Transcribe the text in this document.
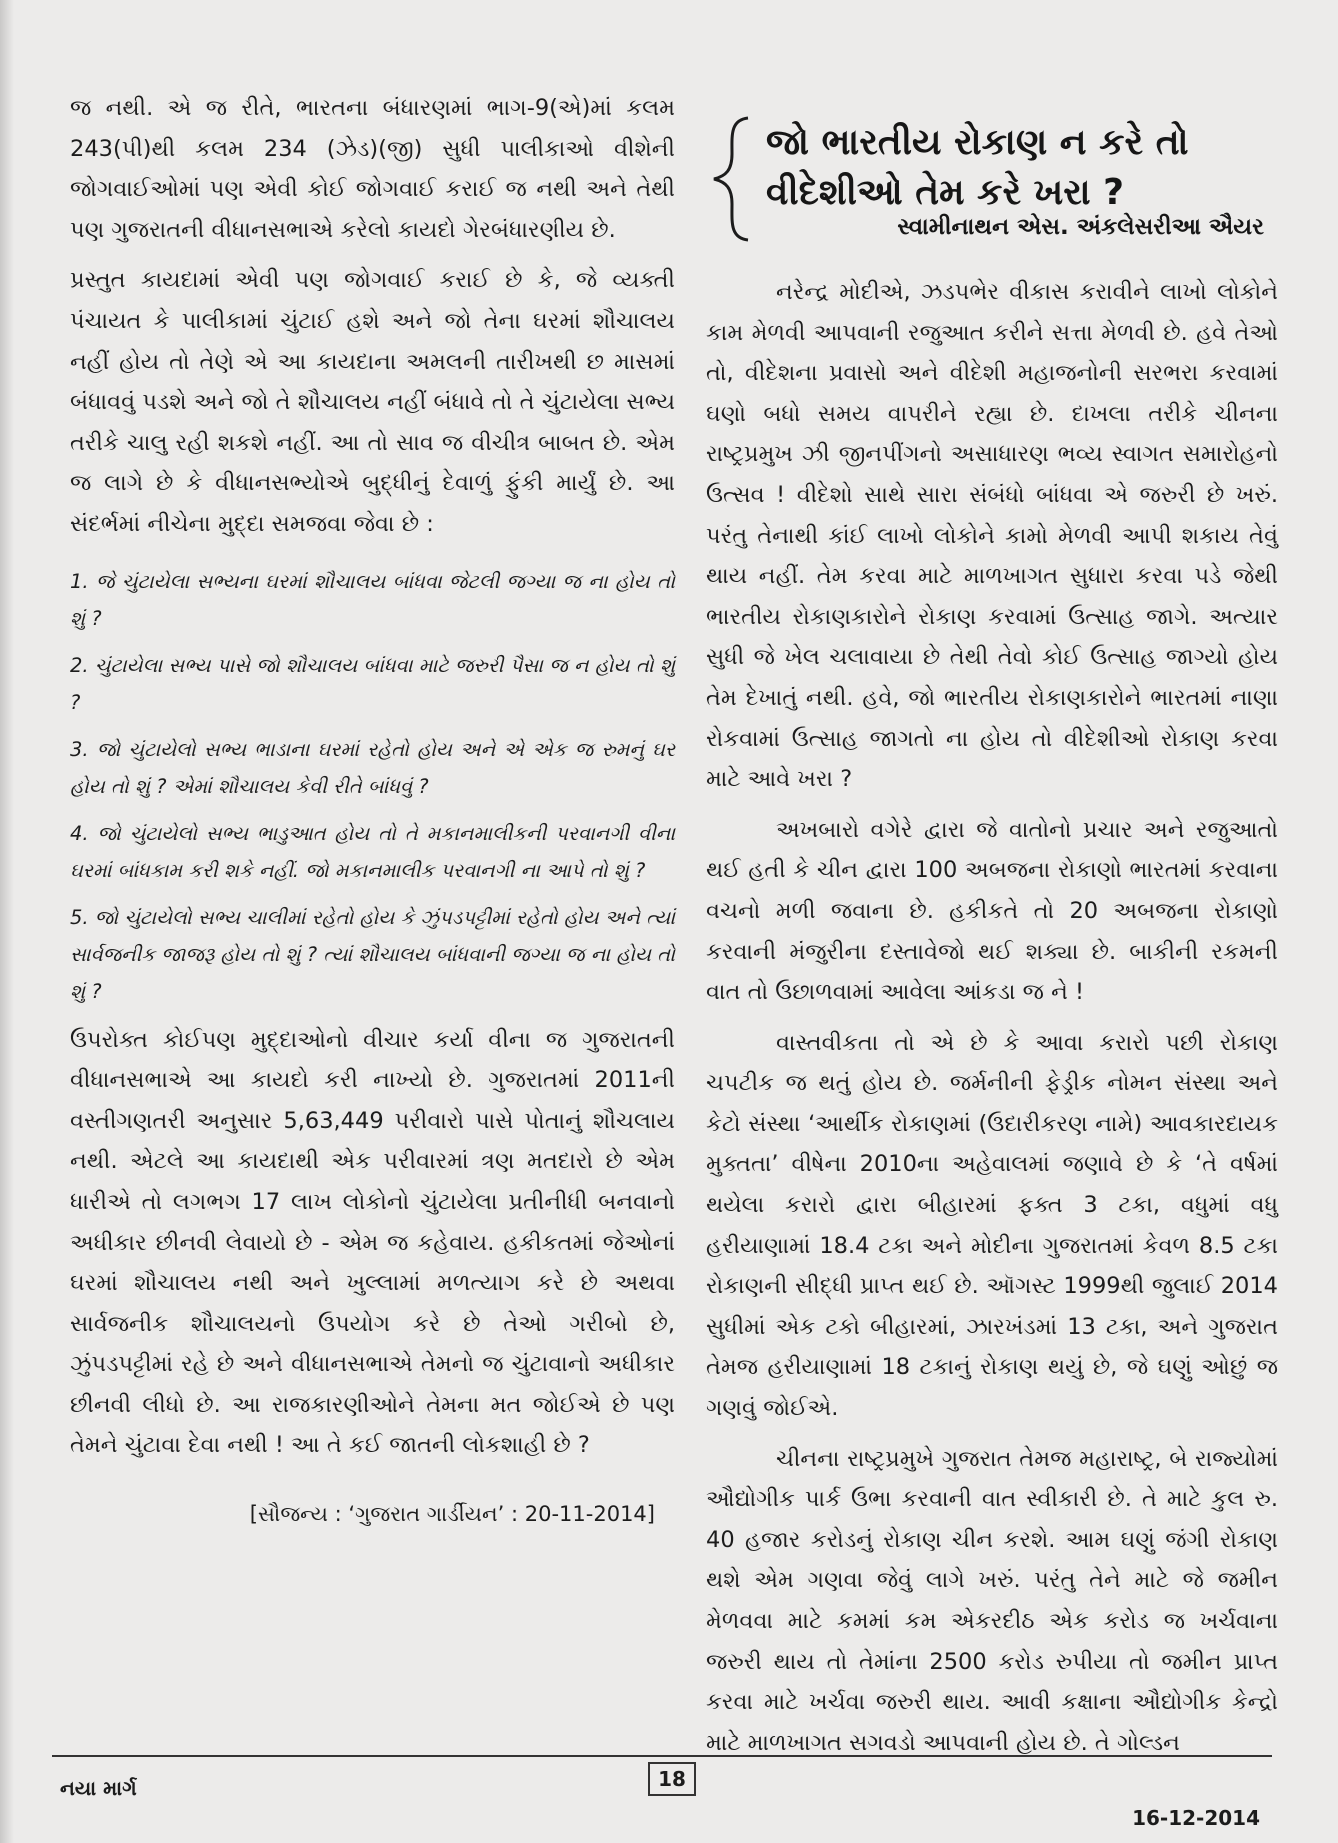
જ નથી. એ જ રીતે, ભારતના બંધારણમાં ભાગ-9(એ)માં કલમ 243(પી)થી કલમ 234 (ઝેડ)(જી) સુધી પાલીકાઓ વીશેની જોગવાઈઓમાં પણ એવી કોઈ જોગવાઈ કરાઈ જ નથી અને તેથી પણ ગુજરાતની વીધાનસભાએ કરેલો કાયદો ગેરબંધારણીય છે.

પ્રસ્તુત કાયદામાં એવી પણ જોગવાઈ કરાઈ છે કે, જે વ્યક્તી પંચાયત કે પાલીકામાં ચુંટાઈ હશે અને જો તેના ઘરમાં શૌચાલય નહીં હોય તો તેણે એ આ કાયદાના અમલની તારીખથી છ માસમાં બંધાવવું પડશે અને જો તે શૌચાલય નહીં બંધાવે તો તે ચુંટાયેલા સભ્ય તરીકે ચાલુ રહી શકશે નહીં. આ તો સાવ જ વીચીત્ર બાબત છે. એમ જ લાગે છે કે વીધાનસભ્યોએ બુદ્ધીનું દેવાળું ફુંકી માર્યું છે. આ સંદર્ભમાં નીચેના મુદ્દા સમજવા જેવા છે :

1. જે ચુંટાયેલા સભ્યના ઘરમાં શૌચાલય બાંધવા જેટલી જગ્યા જ ના હોય તો શું ?

2. ચુંટાયેલા સભ્ય પાસે જો શૌચાલય બાંધવા માટે જરુરી પૈસા જ ન હોય તો શું ?

3. જો ચુંટાયેલો સભ્ય ભાડાના ઘરમાં રહેતો હોય અને એ એક જ રુમનું ઘર હોય તો શું ? એમાં શૌચાલય કેવી રીતે બાંધવું ?

4. જો ચુંટાયેલો સભ્ય ભાડુઆત હોય તો તે મકાનમાલીકની પરવાનગી વીના ઘરમાં બાંધકામ કરી શકે નહીં. જો મકાનમાલીક પરવાનગી ના આપે તો શું ?

5. જો ચુંટાયેલો સભ્ય ચાલીમાં રહેતો હોય કે ઝુંપડપટ્ટીમાં રહેતો હોય અને ત્યાં સાર્વજનીક જાજરૂ હોય તો શું ? ત્યાં શૌચાલય બાંધવાની જગ્યા જ ના હોય તો શું ?

ઉપરોક્ત કોઈપણ મુદ્દાઓનો વીચાર કર્યા વીના જ ગુજરાતની વીધાનસભાએ આ કાયદો કરી નાખ્યો છે. ગુજરાતમાં 2011ની વસ્તીગણતરી અનુસાર 5,63,449 પરીવારો પાસે પોતાનું શૌચલાય નથી. એટલે આ કાયદાથી એક પરીવારમાં ત્રણ મતદારો છે એમ ધારીએ તો લગભગ 17 લાખ લોકોનો ચુંટાયેલા પ્રતીનીધી બનવાનો અધીકાર છીનવી લેવાયો છે - એમ જ કહેવાય. હકીકતમાં જેઓનાં ઘરમાં શૌચાલય નથી અને ખુલ્લામાં મળત્યાગ કરે છે અથવા સાર્વજનીક શૌચાલયનો ઉપયોગ કરે છે તેઓ ગરીબો છે, ઝુંપડપટ્ટીમાં રહે છે અને વીધાનસભાએ તેમનો જ ચુંટાવાનો અધીકાર છીનવી લીધો છે. આ રાજકારણીઓને તેમના મત જોઈએ છે પણ તેમને ચુંટાવા દેવા નથી ! આ તે કઈ જાતની લોકશાહી છે ?

[સૌજન્ય : ‘ગુજરાત ગાર્ડીયન’ : 20-11-2014]

જો ભારતીય રોકાણ ન કરે તો વીદેશીઓ તેમ કરે ખરા ?
સ્વામીનાથન એસ. અંકલેસરીઆ ઐયર

નરેન્દ્ર મોદીએ, ઝડપભેર વીકાસ કરાવીને લાખો લોકોને કામ મેળવી આપવાની રજુઆત કરીને સત્તા મેળવી છે. હવે તેઓ તો, વીદેશના પ્રવાસો અને વીદેશી મહાજનોની સરભરા કરવામાં ઘણો બધો સમય વાપરીને રહ્યા છે. દાખલા તરીકે ચીનના રાષ્ટ્રપ્રમુખ ઝી જીનપીંગનો અસાધારણ ભવ્ય સ્વાગત સમારોહનો ઉત્સવ ! વીદેશો સાથે સારા સંબંધો બાંધવા એ જરુરી છે ખરું. પરંતુ તેનાથી કાંઈ લાખો લોકોને કામો મેળવી આપી શકાય તેવું થાય નહીં. તેમ કરવા માટે માળખાગત સુધારા કરવા પડે જેથી ભારતીય રોકાણકારોને રોકાણ કરવામાં ઉત્સાહ જાગે. અત્યાર સુધી જે ખેલ ચલાવાયા છે તેથી તેવો કોઈ ઉત્સાહ જાગ્યો હોય તેમ દેખાતું નથી. હવે, જો ભારતીય રોકાણકારોને ભારતમાં નાણા રોકવામાં ઉત્સાહ જાગતો ના હોય તો વીદેશીઓ રોકાણ કરવા માટે આવે ખરા ?

અખબારો વગેરે દ્વારા જે વાતોનો પ્રચાર અને રજુઆતો થઈ હતી કે ચીન દ્વારા 100 અબજના રોકાણો ભારતમાં કરવાના વચનો મળી જવાના છે. હકીકતે તો 20 અબજના રોકાણો કરવાની મંજુરીના દસ્તાવેજો થઈ શક્યા છે. બાકીની રકમની વાત તો ઉછાળવામાં આવેલા આંકડા જ ને !

વાસ્તવીકતા તો એ છે કે આવા કરારો પછી રોકાણ ચપટીક જ થતું હોય છે. જર્મનીની ફેડ્રીક નોમન સંસ્થા અને કેટો સંસ્થા ‘આર્થીક રોકાણમાં (ઉદારીકરણ નામે) આવકારદાયક મુક્તતા’ વીષેના 2010ના અહેવાલમાં જણાવે છે કે ‘તે વર્ષમાં થયેલા કરારો દ્વારા બીહારમાં ફક્ત 3 ટકા, વધુમાં વધુ હરીયાણામાં 18.4 ટકા અને મોદીના ગુજરાતમાં કેવળ 8.5 ટકા રોકાણની સીદ્ધી પ્રાપ્ત થઈ છે. ઑગસ્ટ 1999થી જુલાઈ 2014 સુધીમાં એક ટકો બીહારમાં, ઝારખંડમાં 13 ટકા, અને ગુજરાત તેમજ હરીયાણામાં 18 ટકાનું રોકાણ થયું છે, જે ઘણું ઓછું જ ગણવું જોઈએ.

ચીનના રાષ્ટ્રપ્રમુખે ગુજરાત તેમજ મહારાષ્ટ્ર, બે રાજ્યોમાં ઔદ્યોગીક પાર્ક ઉભા કરવાની વાત સ્વીકારી છે. તે માટે કુલ રુ. 40 હજાર કરોડનું રોકાણ ચીન કરશે. આમ ઘણું જંગી રોકાણ થશે એમ ગણવા જેવું લાગે ખરું. પરંતુ તેને માટે જે જમીન મેળવવા માટે કમમાં કમ એકરદીઠ એક કરોડ જ ખર્ચવાના જરુરી થાય તો તેમાંના 2500 કરોડ રુપીયા તો જમીન પ્રાપ્ત કરવા માટે ખર્ચવા જરુરી થાય. આવી કક્ષાના ઔદ્યોગીક કેન્દ્રો માટે માળખાગત સગવડો આપવાની હોય છે. તે ગોલ્ડન

નયા માર્ગ	18
16-12-2014
